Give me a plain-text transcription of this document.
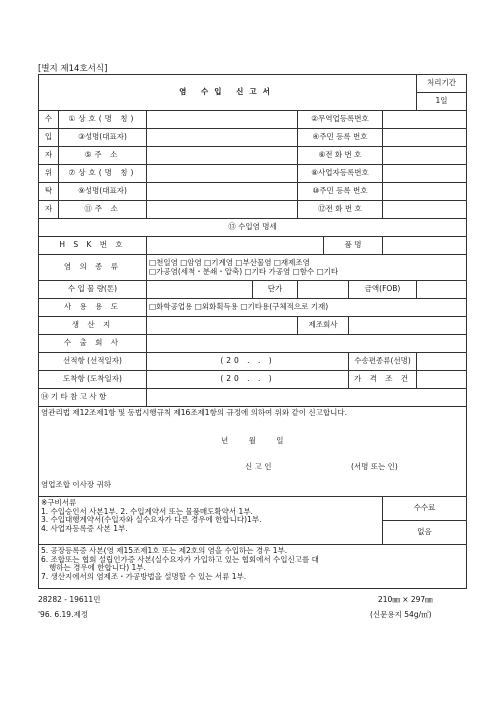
[별지 제14호서식]
염 수입 신고서								처리기간
								1일
수	①상호(명 칭)			②무역업등록번호				
입	③성명(대표자)			④주민 등록 번호				
자	⑤주 소			⑥전 화 번 호				
위	⑦상호(명 칭)			⑧사업자등록번호				
탁	⑨성명(대표자)			⑩주민 등록 번호				
자	⑪주 소			⑫전 화 번 호				
⑬ 수입염 명세								
H S K 번 호					품 명			
염 의 종 류		□천일염 □암염 □기계염 □부산물염 □재제조염
□가공염(세척・분쇄・압축) □기타 가공염 □함수 □기타						

수 입 물 량(톤)			단가			금액(FOB)		
사 용 용 도		□화학공업용 □외화획득용 □기타용(구체적으로 기재)						
생 산 지				제조회사				
수 출 회 사								
선적항 (선적일자)		(20 . . )				수송편종류(선명)		
도착항 (도착일자)		(20 . . )				가 격 조 건		
⑭ 기 타 참 고 사 항								

염관리법 제12조제1항 및 동법시행규칙 제16조제1항의 규정에 의하여 위와 같이 신고합니다.
년 월 일
신 고 인 (서명 또는 인)
염업조합 이사장 귀하								

※구비서류
1. 수입승인서 사본1부. 2. 수입계약서 또는 물품매도확약서 1부.
3. 수입대행계약서(수입자와 실수요자가 다른 경우에 한합니다)1부.
4. 사업자등록증 사본 1부.							수수료	
							없음	

5. 공장등록증 사본(영 제15조제1호 또는 제2호의 염을 수입하는 경우 1부.
6. 조합또는 협회 설립인가증 사본(실수요자가 가입하고 있는 협회에서 수입신고를 대
행하는 경우에 한합니다) 1부.
7. 생산지에서의 염제조・가공방법을 설명할 수 있는 서류 1부.								
28282 - 19611민	210㎜ × 297㎜
'96. 6.19.제정	(신문용지 54g/㎡)
